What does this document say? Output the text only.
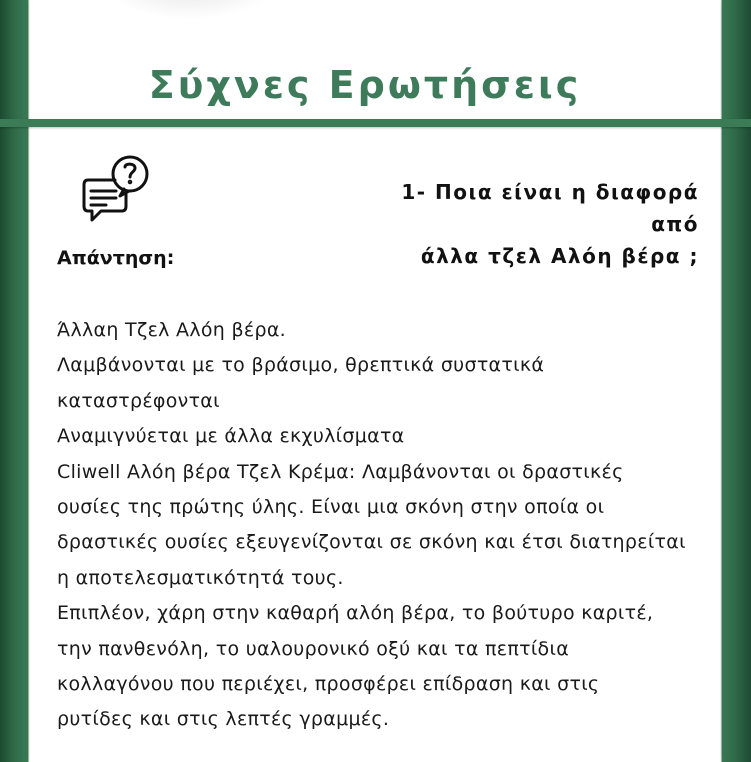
Σύχνες Ερωτήσεις
1- Ποια είναι η διαφορά από
άλλα τζελ Αλόη βέρα ;
Απάντηση:
Άλλαη Τζελ Αλόη βέρα.
Λαμβάνονται με το βράσιμο, θρεπτικά συστατικά
καταστρέφονται
Αναμιγνύεται με άλλα εκχυλίσματα
Cliwell Αλόη βέρα Τζελ Κρέμα: Λαμβάνονται οι δραστικές
ουσίες της πρώτης ύλης. Είναι μια σκόνη στην οποία οι
δραστικές ουσίες εξευγενίζονται σε σκόνη και έτσι διατηρείται
η αποτελεσματικότητά τους.
Επιπλέον, χάρη στην καθαρή αλόη βέρα, το βούτυρο καριτέ,
την πανθενόλη, το υαλουρονικό οξύ και τα πεπτίδια
κολλαγόνου που περιέχει, προσφέρει επίδραση και στις
ρυτίδες και στις λεπτές γραμμές.
